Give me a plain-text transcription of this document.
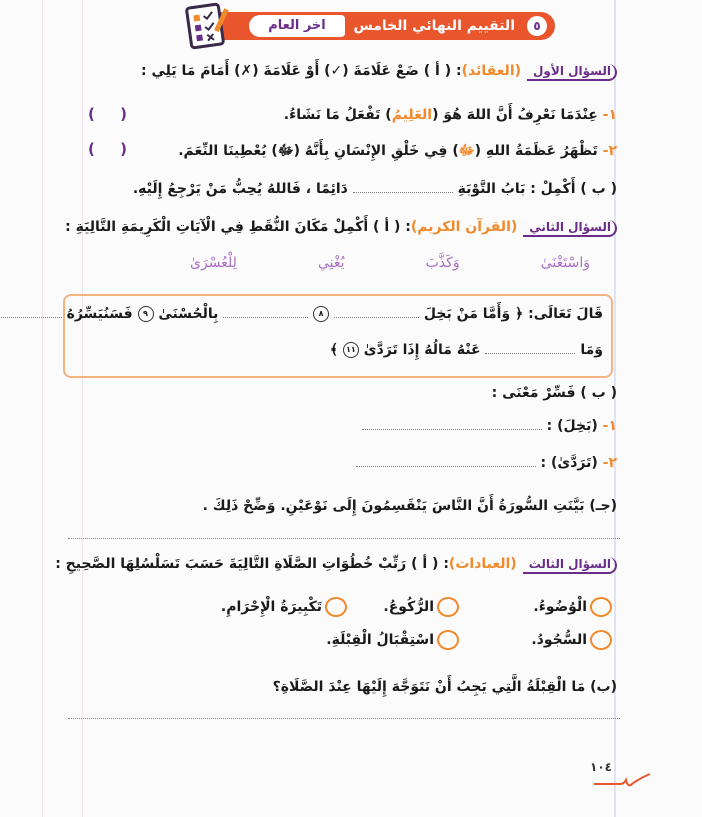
اخر العام	التقييم النهائي الخامس	٥
السؤال الأول(العقائد): ( أ ) ضَعْ عَلَامَةَ (✓) أَوْ عَلَامَةَ (✗) أَمَامَ مَا يَلِي :
١- عِنْدَمَا نَعْرِفُ أَنَّ اللهَ هُوَ (العَلِيمُ) تَفْعَلُ مَا نَشَاءُ.
( )
٢- تَظْهَرُ عَظَمَةُ اللهِ (ﷻ) فِي خَلْقِ الإِنْسَانِ بِأَنَّهُ (ﷻ) يُعْطِينَا النِّعَمَ.
( )
( ب ) أَكْمِلْ : بَابُ التَّوْبَةِ  دَائِمًا ، فَاللهُ يُحِبُّ مَنْ يَرْجِعُ إِلَيْهِ.
السؤال الثاني(القرآن الكريم): ( أ ) أَكْمِلْ مَكَانَ النُّقَطِ فِي الْآيَاتِ الْكَرِيمَةِ التَّالِيَةِ :
لِلْعُسْرَىٰ	يُغْنِي	وَكَذَّبَ	وَاسْتَغْنَىٰ
قَالَ تَعَالَى: ﴿ وَأَمَّا مَنْ بَخِلَ  ٨  بِالْحُسْنَىٰ ٩ فَسَنُيَسِّرُهُ
وَمَا  عَنْهُ مَالُهُ إِذَا تَرَدَّىٰ ١١ ﴾
( ب ) فَسِّرْ مَعْنَى :
١- (بَخِلَ) :
٢- (تَرَدَّىٰ) :
(جـ) بَيَّنَتِ السُّورَةُ أَنَّ النَّاسَ يَنْقَسِمُونَ إِلَى نَوْعَيْنِ. وَضِّحْ ذَلِكَ .
السؤال الثالث(العبادات): ( أ ) رَتِّبْ خُطُوَاتِ الصَّلَاةِ التَّالِيَةَ حَسَبَ تَسَلْسُلِهَا الصَّحِيحِ :
الْوُضُوءُ.
الرُّكُوعُ.
تَكْبِيرَةُ الْإِحْرَامِ.
السُّجُودُ.
اسْتِقْبَالُ الْقِبْلَةِ.
(ب) مَا الْقِبْلَةُ الَّتِي يَجِبُ أَنْ نَتَوَجَّهَ إِلَيْهَا عِنْدَ الصَّلَاةِ؟
١٠٤
